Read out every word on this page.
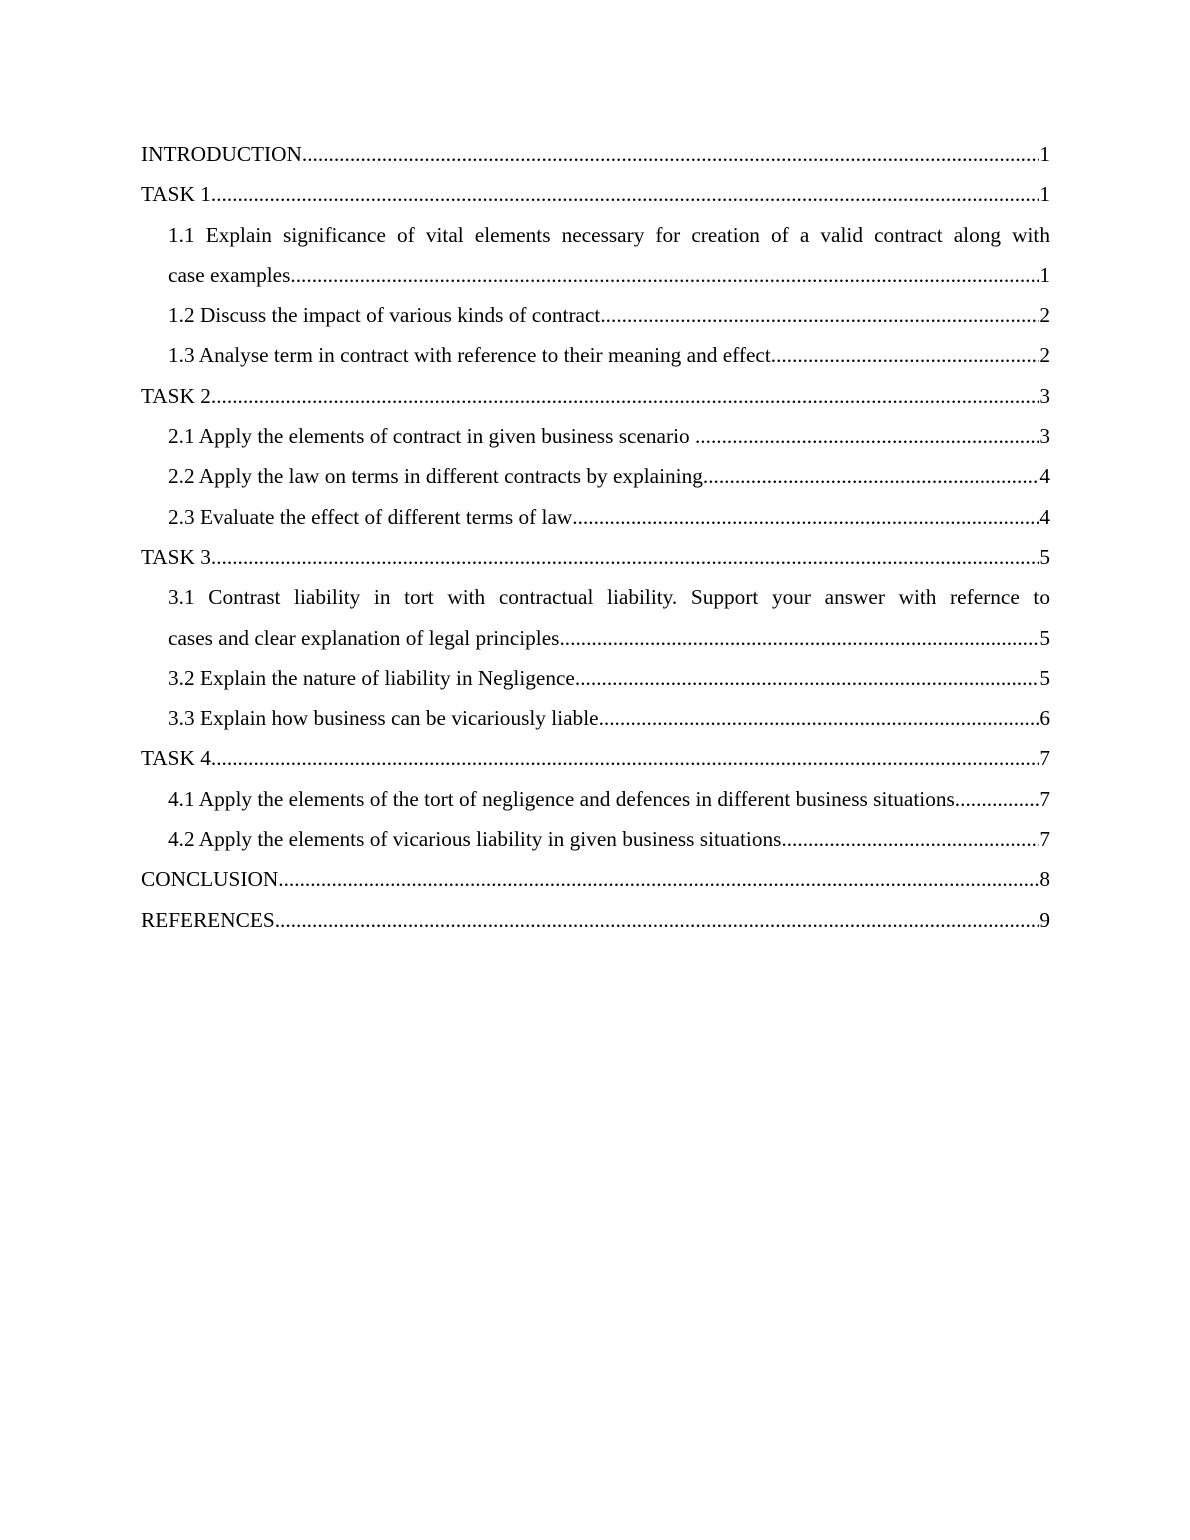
INTRODUCTION .....	1
TASK 1 .....	1
1.1 Explain significance of vital elements necessary for creation of a valid contract along with
case examples .....	1
1.2 Discuss the impact of various kinds of contract .....	2
1.3 Analyse term in contract with reference to their meaning and effect .....	2
TASK 2 .....	3
2.1 Apply the elements of contract in given business scenario .....	3
2.2 Apply the law on terms in different contracts by explaining .....	4
2.3 Evaluate the effect of different terms of law .....	4
TASK 3 .....	5
3.1 Contrast liability in tort with contractual liability. Support your answer with refernce to
cases and clear explanation of legal principles .....	5
3.2 Explain the nature of liability in Negligence .....	5
3.3 Explain how business can be vicariously liable .....	6
TASK 4 .....	7
4.1 Apply the elements of the tort of negligence and defences in different business situations. .....	7
4.2 Apply the elements of vicarious liability in given business situations .....	7
CONCLUSION .....	8
REFERENCES .....	9
